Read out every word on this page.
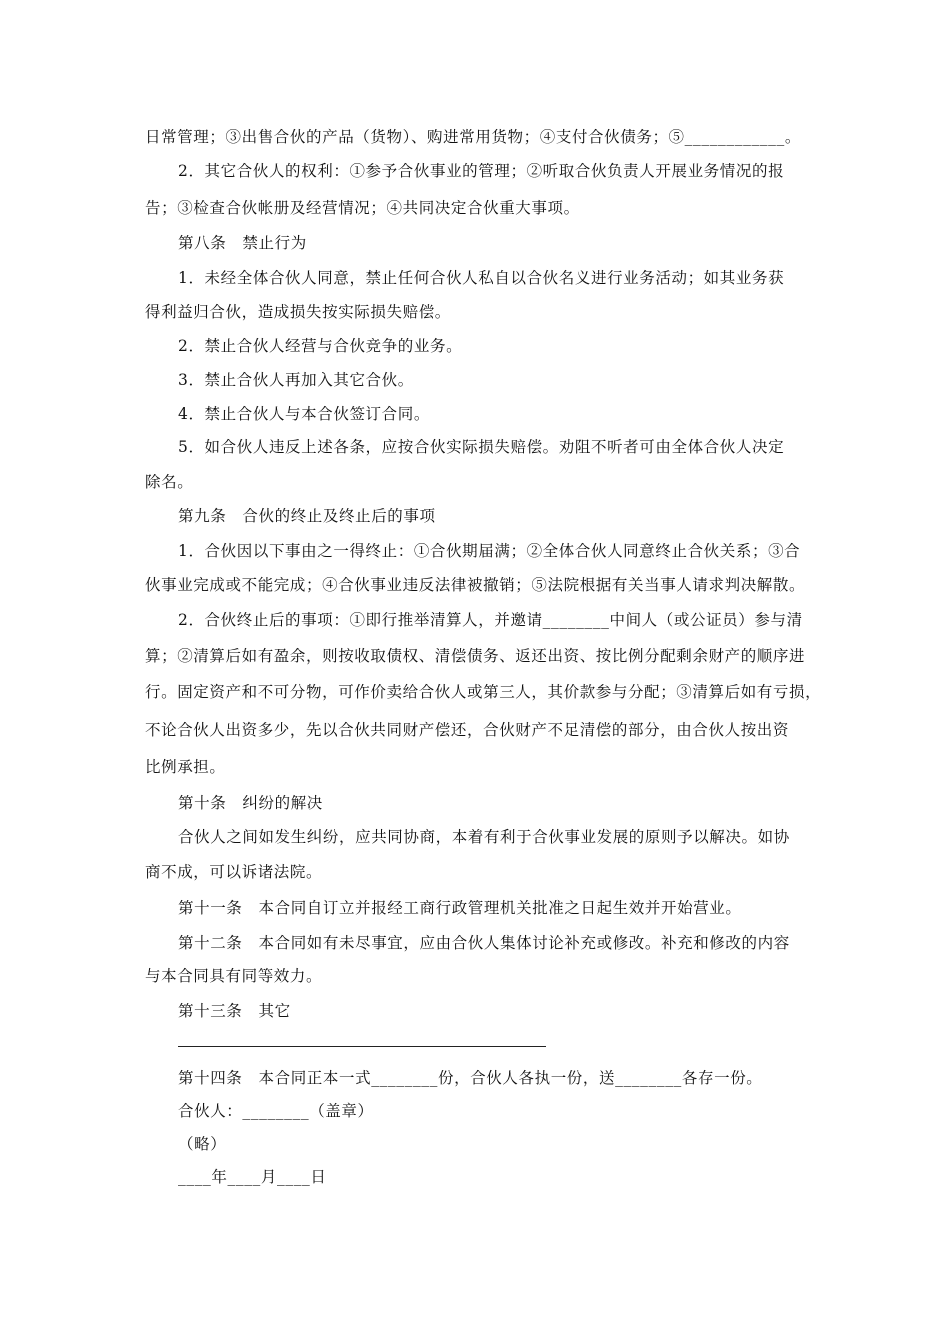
日常管理；③出售合伙的产品（货物）、购进常用货物；④支付合伙债务；⑤____________。
2．其它合伙人的权利：①参予合伙事业的管理；②听取合伙负责人开展业务情况的报
告；③检查合伙帐册及经营情况；④共同决定合伙重大事项。
第八条　禁止行为
1．未经全体合伙人同意，禁止任何合伙人私自以合伙名义进行业务活动；如其业务获
得利益归合伙，造成损失按实际损失赔偿。
2．禁止合伙人经营与合伙竞争的业务。
3．禁止合伙人再加入其它合伙。
4．禁止合伙人与本合伙签订合同。
5．如合伙人违反上述各条，应按合伙实际损失赔偿。劝阻不听者可由全体合伙人决定
除名。
第九条　合伙的终止及终止后的事项
1．合伙因以下事由之一得终止：①合伙期届满；②全体合伙人同意终止合伙关系；③合
伙事业完成或不能完成；④合伙事业违反法律被撤销；⑤法院根据有关当事人请求判决解散。
2．合伙终止后的事项：①即行推举清算人，并邀请________中间人（或公证员）参与清
算；②清算后如有盈余，则按收取债权、清偿债务、返还出资、按比例分配剩余财产的顺序进
行。固定资产和不可分物，可作价卖给合伙人或第三人，其价款参与分配；③清算后如有亏损，
不论合伙人出资多少，先以合伙共同财产偿还，合伙财产不足清偿的部分，由合伙人按出资
比例承担。
第十条　纠纷的解决
合伙人之间如发生纠纷，应共同协商，本着有利于合伙事业发展的原则予以解决。如协
商不成，可以诉诸法院。
第十一条　本合同自订立并报经工商行政管理机关批准之日起生效并开始营业。
第十二条　本合同如有未尽事宜，应由合伙人集体讨论补充或修改。补充和修改的内容
与本合同具有同等效力。
第十三条　其它
第十四条　本合同正本一式________份，合伙人各执一份，送________各存一份。
合伙人：________（盖章）
（略）
____年____月____日
